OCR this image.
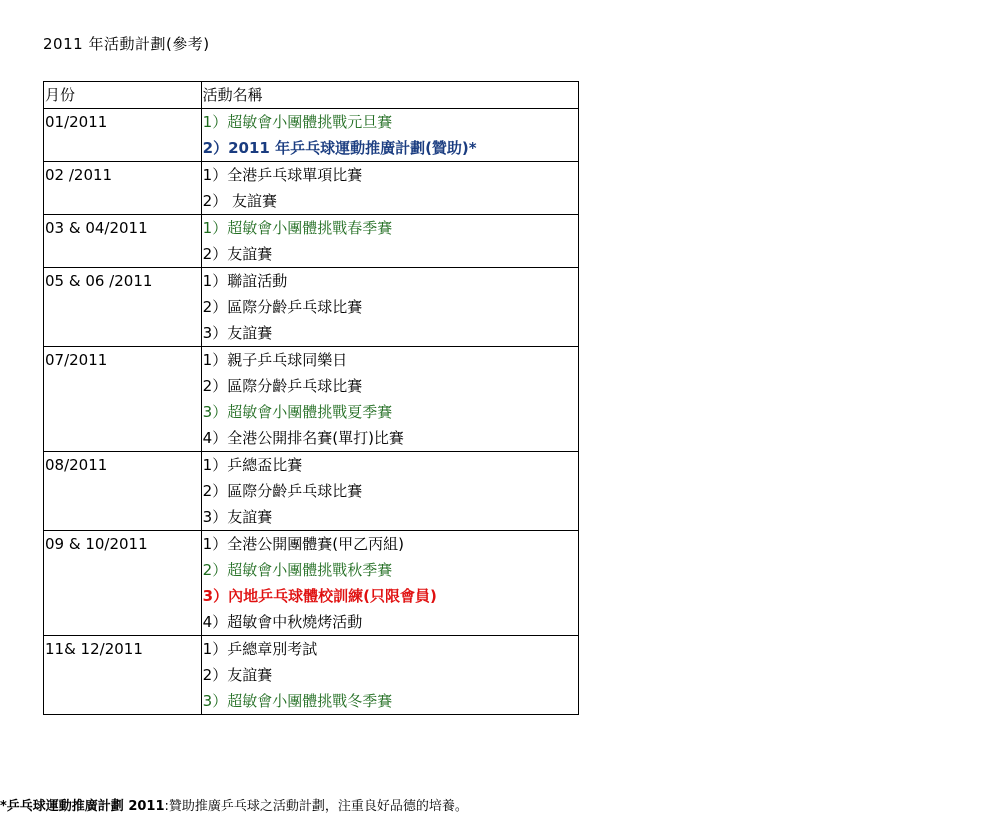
2011 年活動計劃(參考)
月份	活動名稱
01/2011	1）超敏會小團體挑戰元旦賽
2）2011 年乒乓球運動推廣計劃(贊助)*

02 /2011	1）全港乒乓球單項比賽
2） 友誼賽

03 & 04/2011	1）超敏會小團體挑戰春季賽
2）友誼賽

05 & 06 /2011	1）聯誼活動
2）區際分齡乒乓球比賽
3）友誼賽

07/2011	1）親子乒乓球同樂日
2）區際分齡乒乓球比賽
3）超敏會小團體挑戰夏季賽
4）全港公開排名賽(單打)比賽

08/2011	1）乒總盃比賽
2）區際分齡乒乓球比賽
3）友誼賽

09 & 10/2011	1）全港公開團體賽(甲乙丙組)
2）超敏會小團體挑戰秋季賽
3）內地乒乓球體校訓練(只限會員)
4）超敏會中秋燒烤活動

11& 12/2011	1）乒總章別考試
2）友誼賽
3）超敏會小團體挑戰冬季賽
*乒乓球運動推廣計劃 2011:贊助推廣乒乓球之活動計劃，注重良好品德的培養。
